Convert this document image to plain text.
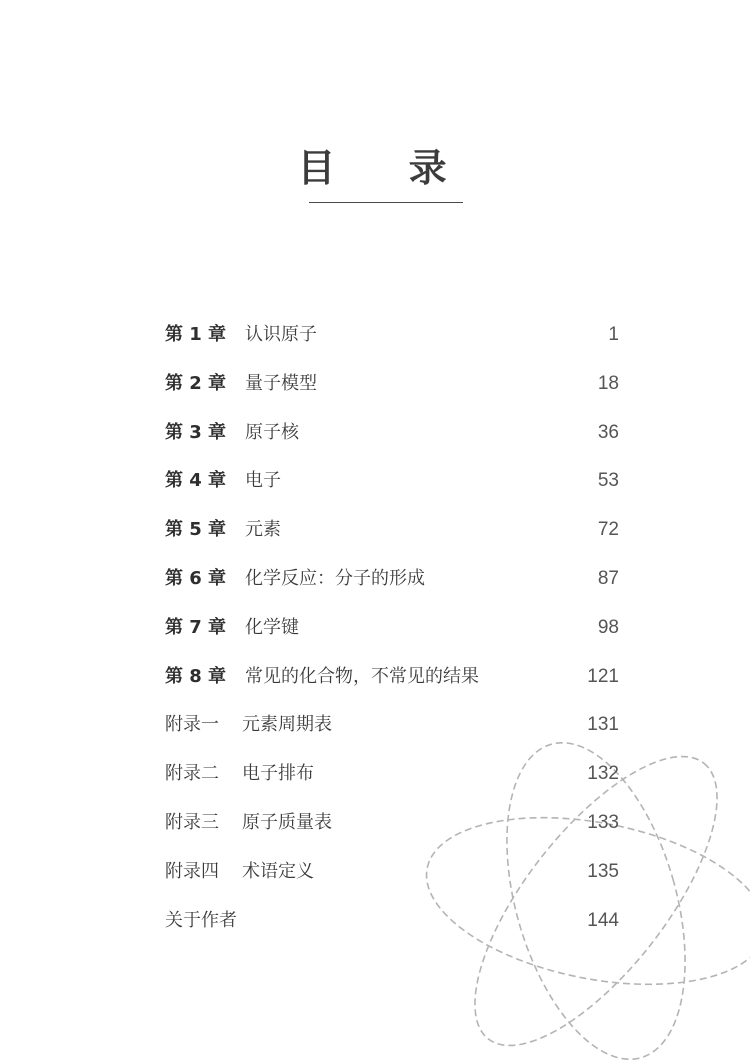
目 录
第 1 章 认识原子	1
第 2 章 量子模型	18
第 3 章 原子核	36
第 4 章 电子	53
第 5 章 元素	72
第 6 章 化学反应：分子的形成	87
第 7 章 化学键	98
第 8 章 常见的化合物，不常见的结果	121
附录一 元素周期表	131
附录二 电子排布	132
附录三 原子质量表	133
附录四 术语定义	135
关于作者	144
